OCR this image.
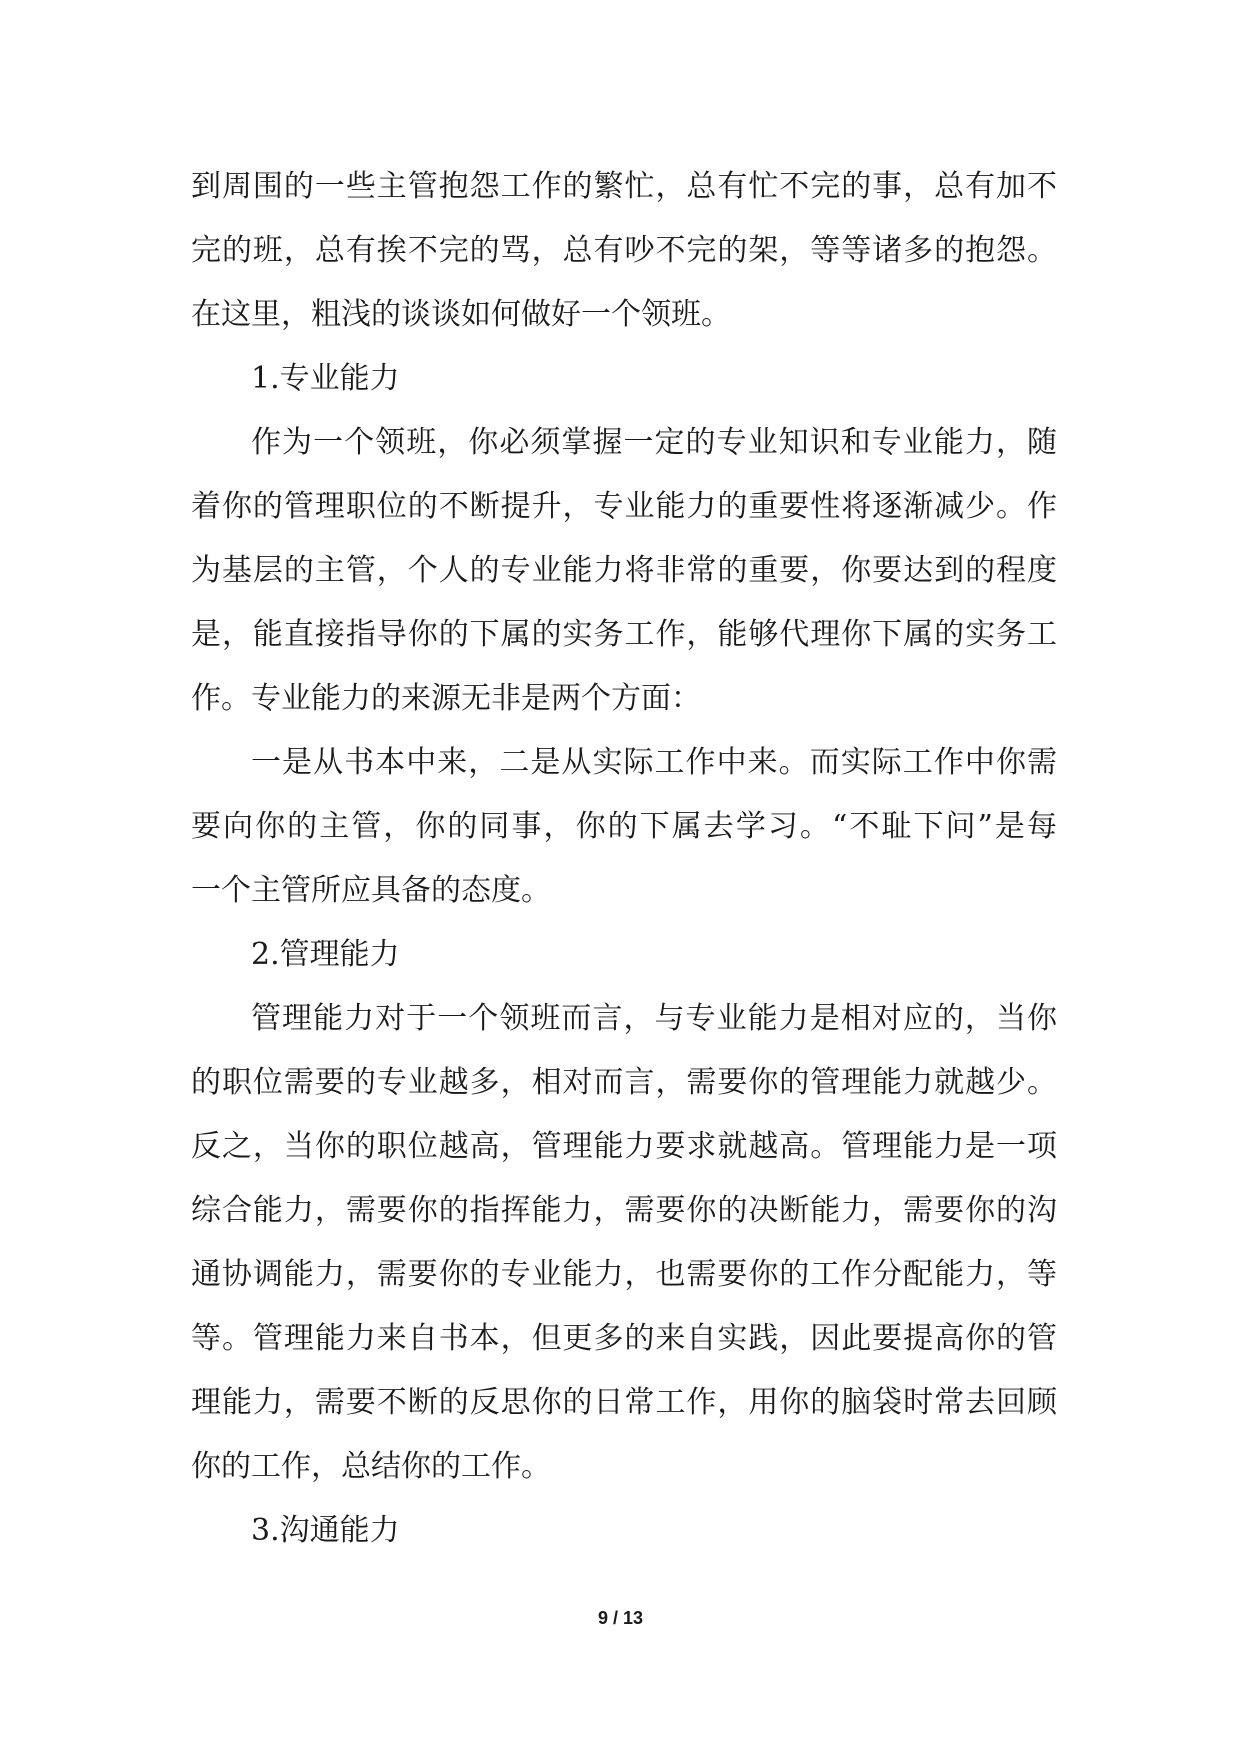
到周围的一些主管抱怨工作的繁忙，总有忙不完的事，总有加不
完的班，总有挨不完的骂，总有吵不完的架，等等诸多的抱怨。
在这里，粗浅的谈谈如何做好一个领班。
1.专业能力
作为一个领班，你必须掌握一定的专业知识和专业能力，随
着你的管理职位的不断提升，专业能力的重要性将逐渐减少。作
为基层的主管，个人的专业能力将非常的重要，你要达到的程度
是，能直接指导你的下属的实务工作，能够代理你下属的实务工
作。专业能力的来源无非是两个方面：
一是从书本中来，二是从实际工作中来。而实际工作中你需
要向你的主管，你的同事，你的下属去学习。“不耻下问”是每
一个主管所应具备的态度。
2.管理能力
管理能力对于一个领班而言，与专业能力是相对应的，当你
的职位需要的专业越多，相对而言，需要你的管理能力就越少。
反之，当你的职位越高，管理能力要求就越高。管理能力是一项
综合能力，需要你的指挥能力，需要你的决断能力，需要你的沟
通协调能力，需要你的专业能力，也需要你的工作分配能力，等
等。管理能力来自书本，但更多的来自实践，因此要提高你的管
理能力，需要不断的反思你的日常工作，用你的脑袋时常去回顾
你的工作，总结你的工作。
3.沟通能力
9 / 13
